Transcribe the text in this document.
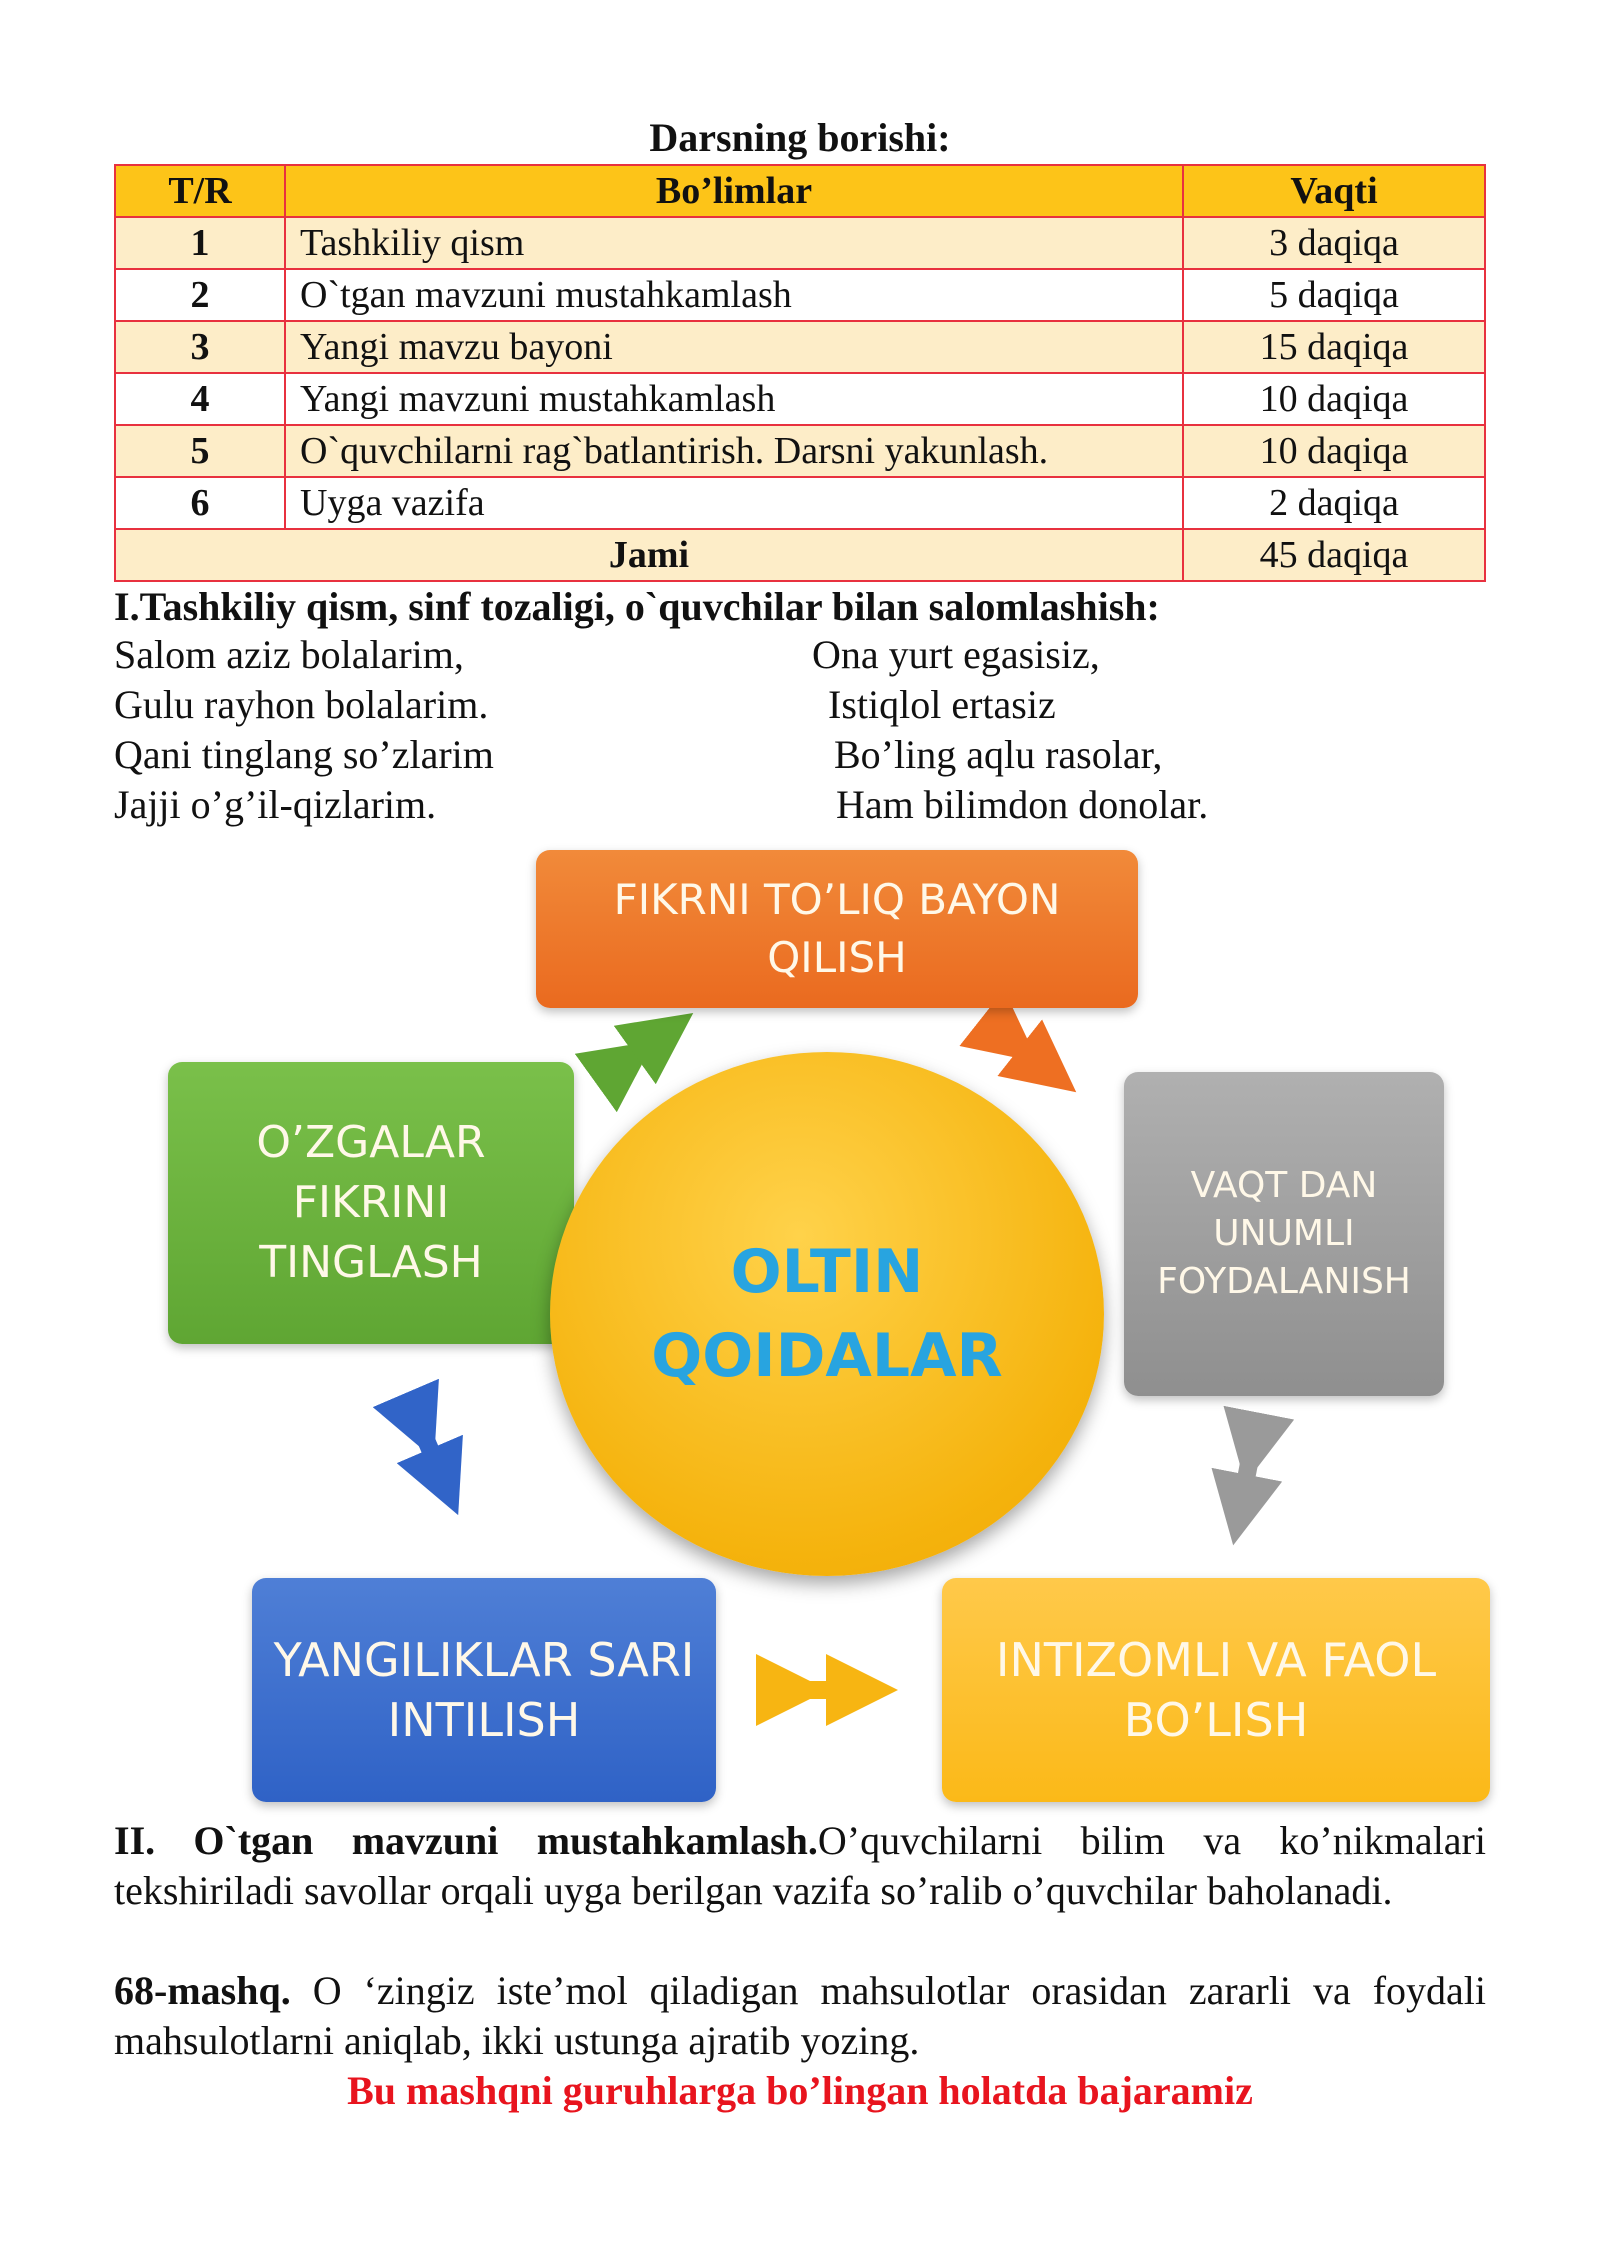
Darsning borishi:
T/R	Bo’limlar	Vaqti
1	Tashkiliy qism	3 daqiqa
2	O`tgan mavzuni mustahkamlash	5 daqiqa
3	Yangi mavzu bayoni	15 daqiqa
4	Yangi mavzuni mustahkamlash	10 daqiqa
5	O`quvchilarni rag`batlantirish. Darsni yakunlash.	10 daqiqa
6	Uyga vazifa	2 daqiqa
Jami		45 daqiqa
I.Tashkiliy qism, sinf tozaligi, o`quvchilar bilan salomlashish:
Salom aziz bolalarim,
Gulu rayhon bolalarim.
Qani tinglang so’zlarim
Jajji o’g’il-qizlarim.
Ona yurt egasisiz,
Istiqlol ertasiz
Bo’ling aqlu rasolar,
Ham bilimdon donolar.
FIKRNI TO’LIQ BAYON
QILISH
O’ZGALAR
FIKRINI
TINGLASH
VAQT DAN
UNUMLI
FOYDALANISH
YANGILIKLAR SARI
INTILISH
INTIZOMLI VA FAOL
BO’LISH
OLTIN
QOIDALAR
II. O`tgan mavzuni mustahkamlash.O’quvchilarni bilim va ko’nikmalari tekshiriladi savollar orqali uyga berilgan vazifa so’ralib o’quvchilar baholanadi.
68-mashq. O ‘zingiz iste’mol qiladigan mahsulotlar orasidan zararli va foydali mahsulotlarni aniqlab, ikki ustunga ajratib yozing.
Bu mashqni guruhlarga bo’lingan holatda bajaramiz
